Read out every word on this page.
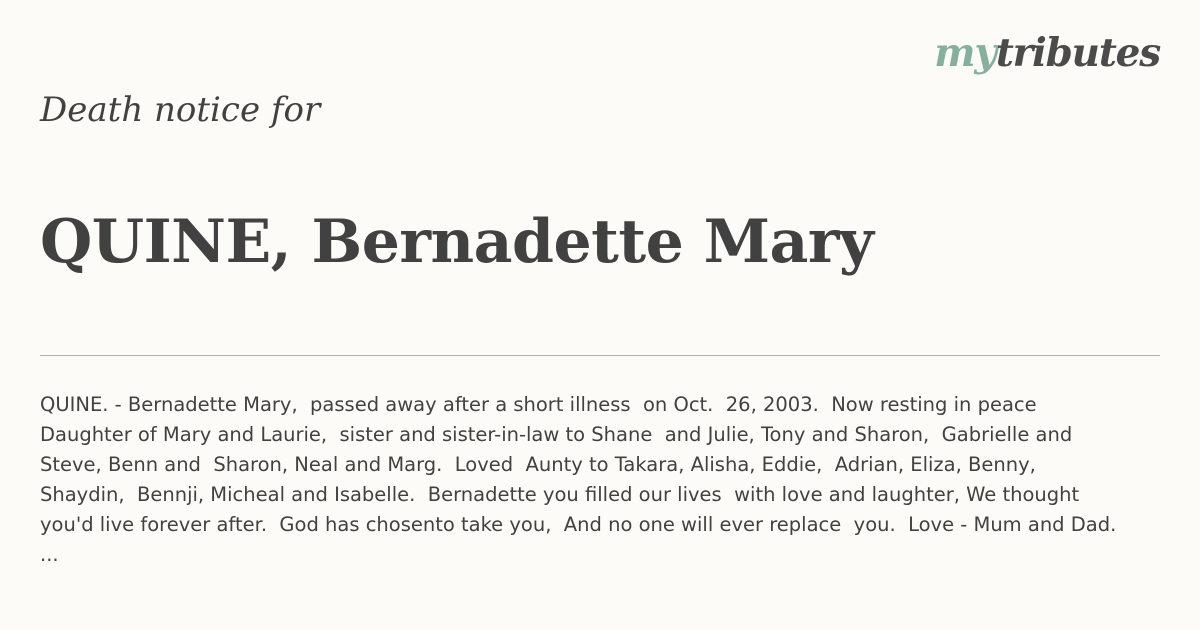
mytributes
Death notice for
QUINE, Bernadette Mary
QUINE. - Bernadette Mary,  passed away after a short illness  on Oct.  26, 2003.  Now resting in peace
Daughter of Mary and Laurie,  sister and sister-in-law to Shane  and Julie, Tony and Sharon,  Gabrielle and
Steve, Benn and  Sharon, Neal and Marg.  Loved  Aunty to Takara, Alisha, Eddie,  Adrian, Eliza, Benny,
Shaydin,  Bennji, Micheal and Isabelle.  Bernadette you filled our lives  with love and laughter, We thought
you'd live forever after.  God has chosento take you,  And no one will ever replace  you.  Love - Mum and Dad.
...
